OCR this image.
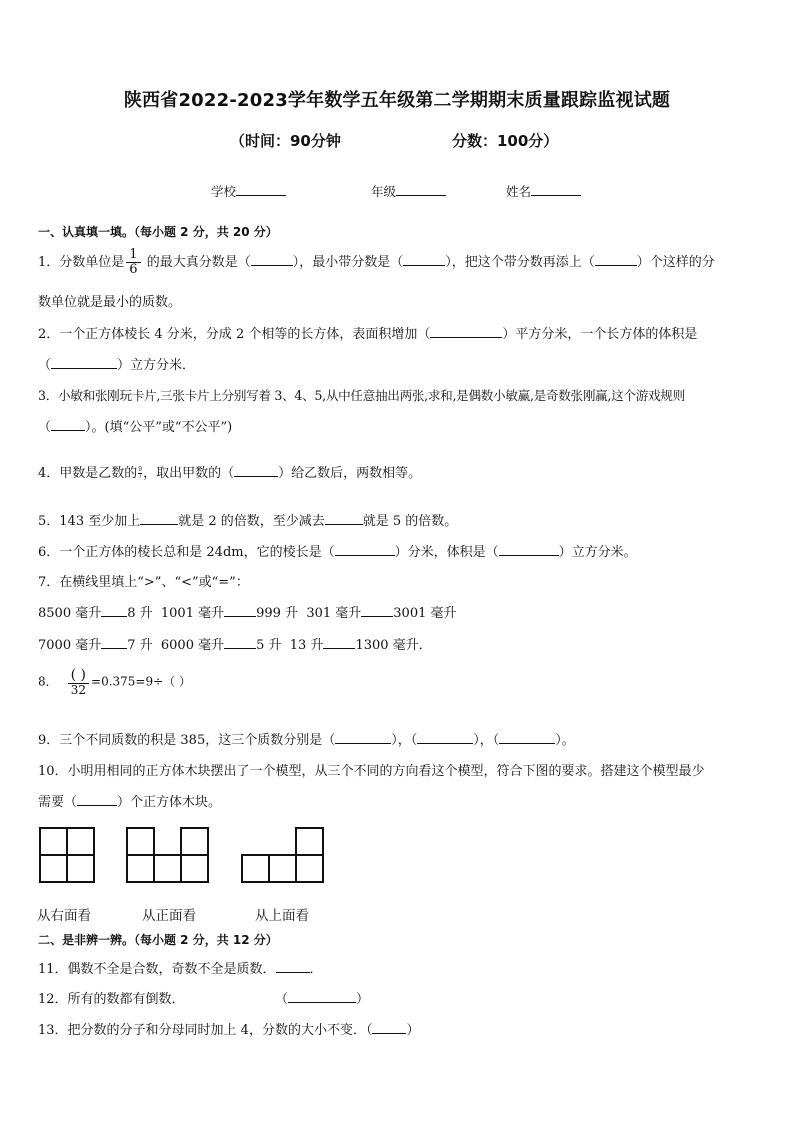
陕西省2022-2023学年数学五年级第二学期期末质量跟踪监视试题
（时间：90分钟	分数：100分）
学校	年级	姓名
一、认真填一填。（每小题 2 分，共 20 分）
1．分数单位是 $\frac{1}{6}$ 的最大真分数是（	），最小带分数是（	），把这个带分数再添上（	）个这样的分
数单位就是最小的质数。
2．一个正方体棱长 4 分米，分成 2 个相等的长方体，表面积增加（	）平方分米，一个长方体的体积是
（	）立方分米．
3．小敏和张刚玩卡片,三张卡片上分别写着 3、4、5,从中任意抽出两张,求和,是偶数小敏赢,是奇数张刚赢,这个游戏规则
（	）。(填“公平”或“不公平”)
4．甲数是乙数的 $\frac{9}{7}$ ，取出甲数的（	）给乙数后，两数相等。
5．143 至少加上	就是 2 的倍数，至少减去	就是 5 的倍数。
6．一个正方体的棱长总和是 24dm，它的棱长是（	）分米，体积是（	）立方分米。
7．在横线里填上“>”、“<”或“=”：
8500 毫升 8 升 1001 毫升 999 升 301 毫升 3001 毫升
7000 毫升 7 升 6000 毫升 5 升 13 升 1300 毫升．
8． $\frac{( )}{32} =0.375=9\div$（ ）
9．三个不同质数的积是 385，这三个质数分别是（	），（	），（	）。
10．小明用相同的正方体木块摆出了一个模型，从三个不同的方向看这个模型，符合下图的要求。搭建这个模型最少
需要（	）个正方体木块。
从右面看	从正面看	从上面看
二、是非辨一辨。（每小题 2 分，共 12 分）
11．偶数不全是合数，奇数不全是质数．	．
12．所有的数都有倒数．	（	）
13．把分数的分子和分母同时加上 4，分数的大小不变．（	）
